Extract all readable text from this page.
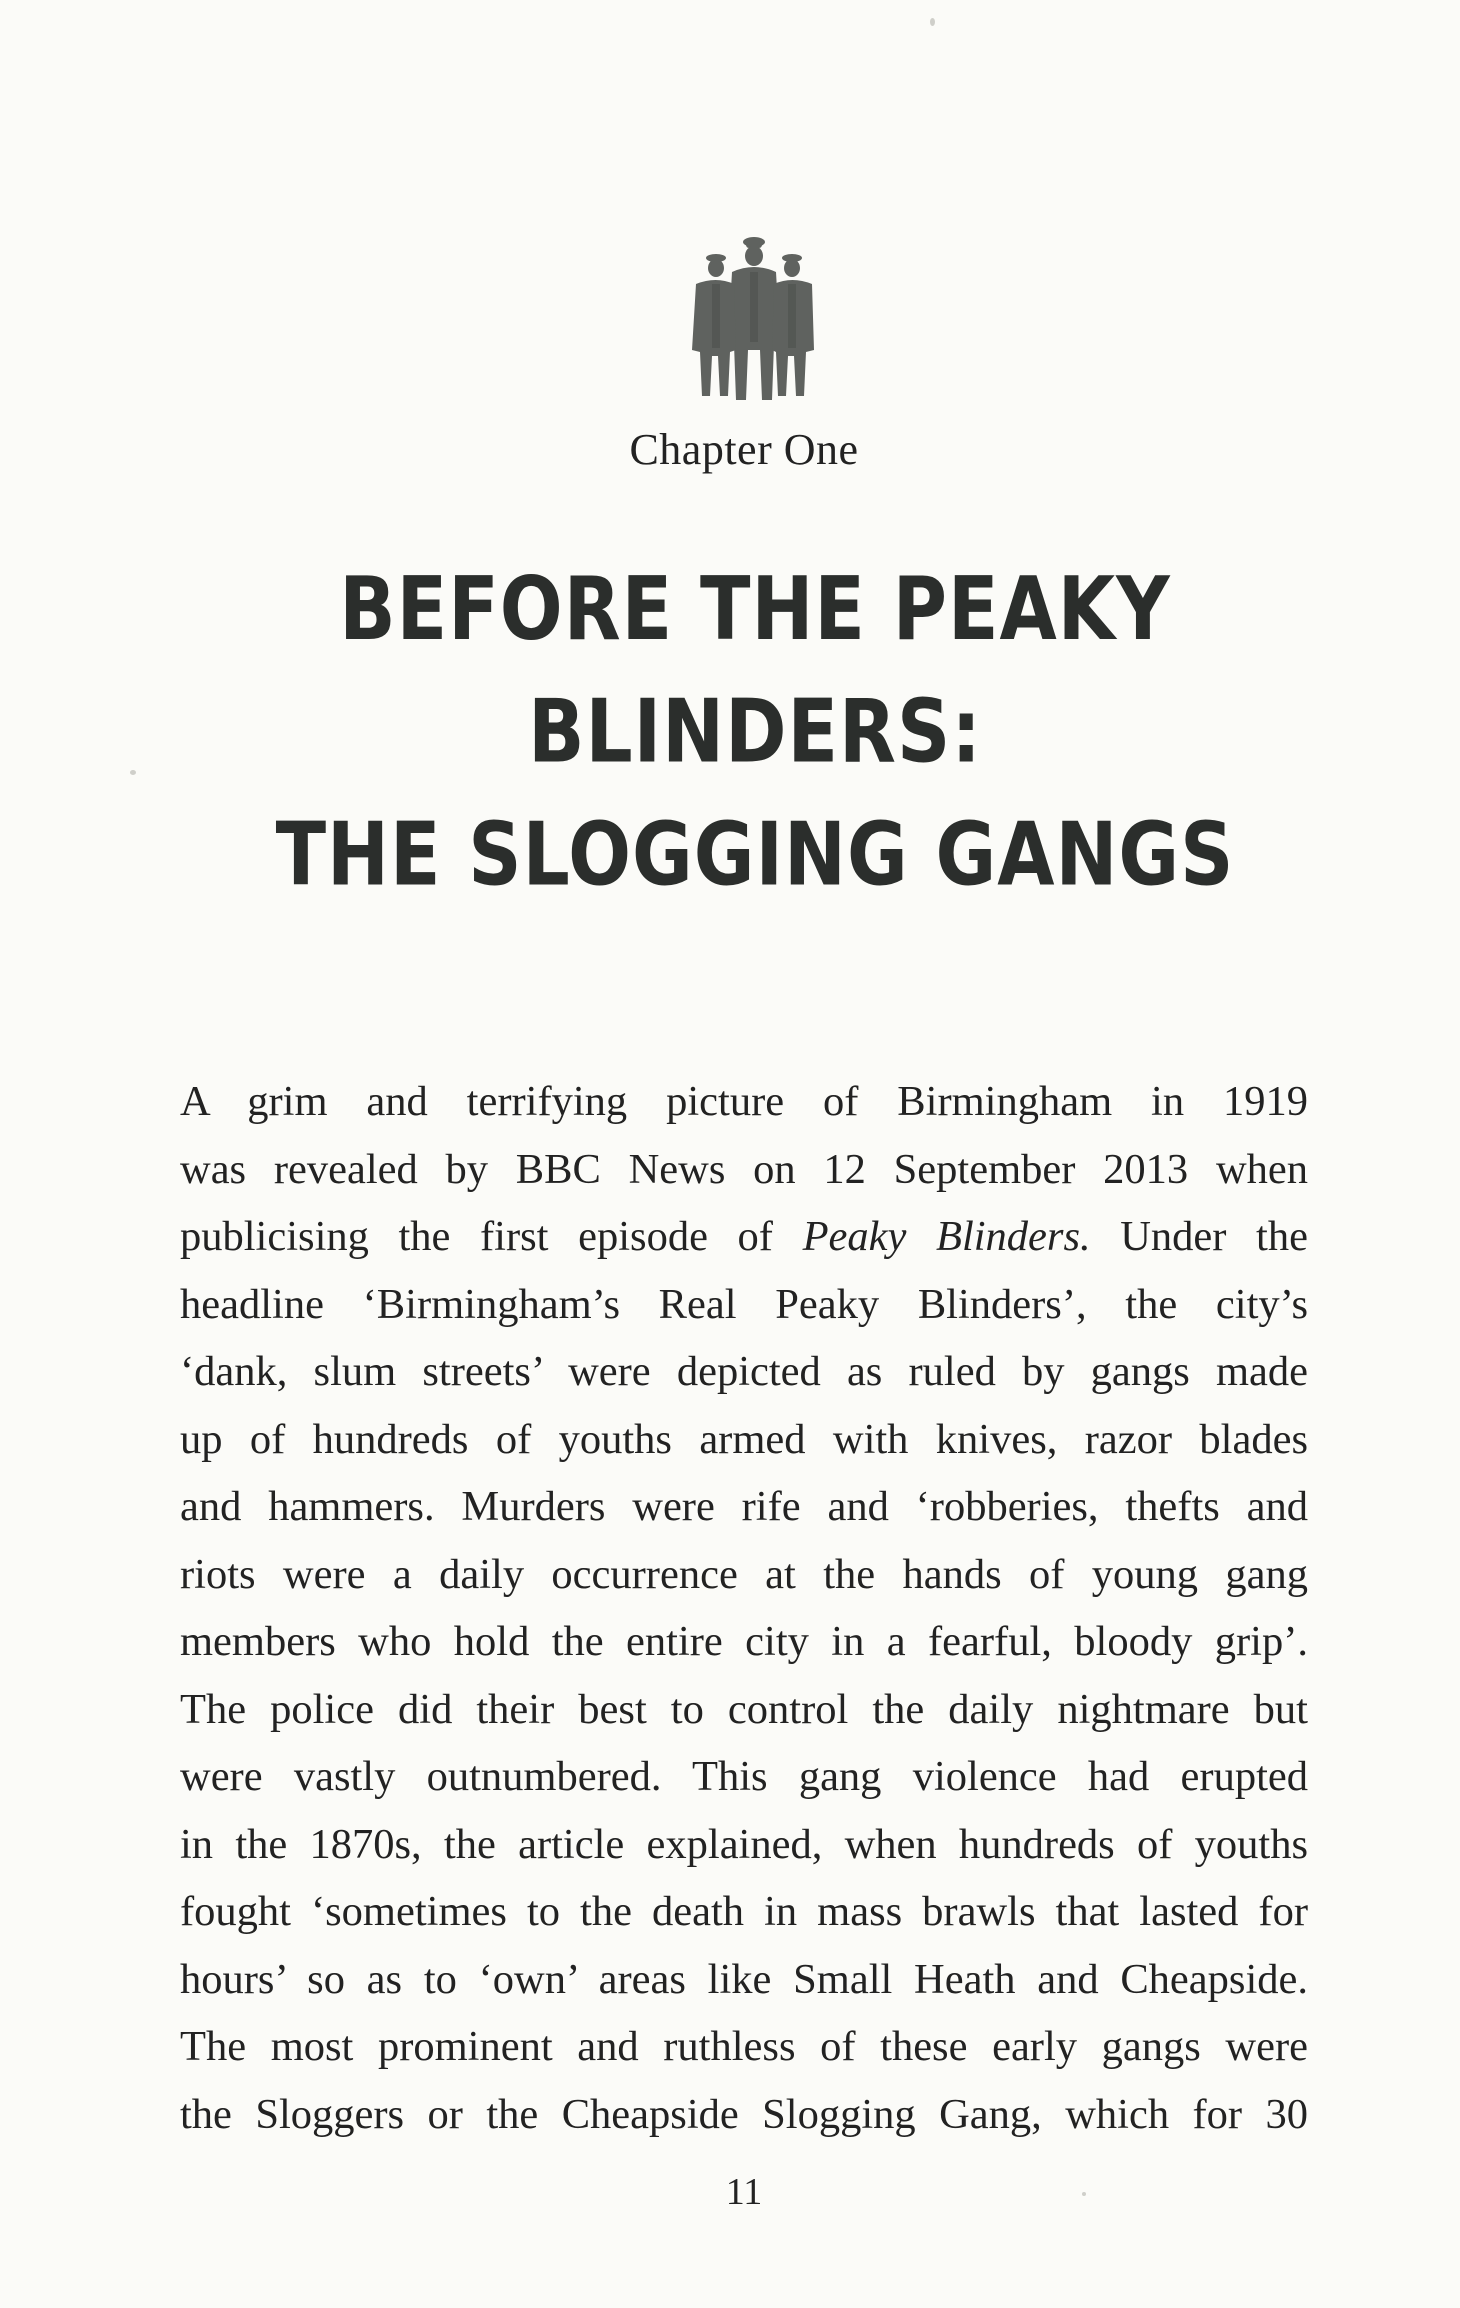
Chapter One
BEFORE THE PEAKY BLINDERS:
THE SLOGGING GANGS
A grim and terrifying picture of Birmingham in 1919
was revealed by BBC News on 12 September 2013 when
publicising the first episode of Peaky Blinders. Under the
headline ‘Birmingham’s Real Peaky Blinders’, the city’s
‘dank, slum streets’ were depicted as ruled by gangs made
up of hundreds of youths armed with knives, razor blades
and hammers. Murders were rife and ‘robberies, thefts and
riots were a daily occurrence at the hands of young gang
members who hold the entire city in a fearful, bloody grip’.
The police did their best to control the daily nightmare but
were vastly outnumbered. This gang violence had erupted
in the 1870s, the article explained, when hundreds of youths
fought ‘sometimes to the death in mass brawls that lasted for
hours’ so as to ‘own’ areas like Small Heath and Cheapside.
The most prominent and ruthless of these early gangs were
the Sloggers or the Cheapside Slogging Gang, which for 30
11
